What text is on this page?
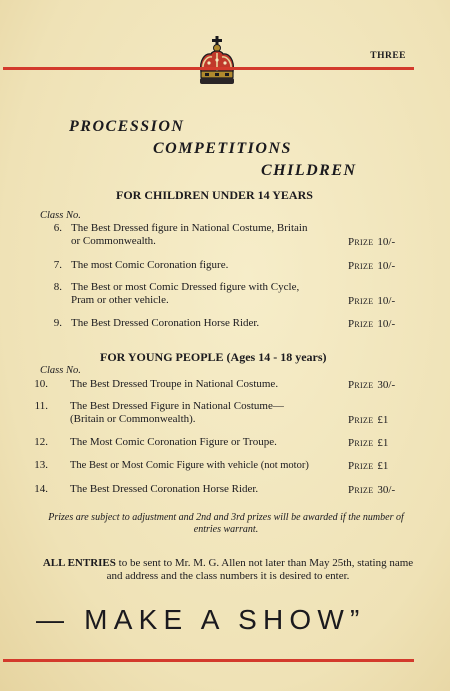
THREE
PROCESSION
COMPETITIONS
CHILDREN
FOR CHILDREN UNDER 14 YEARS
Class No.
6. The Best Dressed figure in National Costume, Britain
or Commonwealth.	Prize 10/-
7. The most Comic Coronation figure.	Prize 10/-
8. The Best or most Comic Dressed figure with Cycle,
Pram or other vehicle.	Prize 10/-
9. The Best Dressed Coronation Horse Rider.	Prize 10/-
FOR YOUNG PEOPLE (Ages 14 - 18 years)
Class No.
10. The Best Dressed Troupe in National Costume.	Prize 30/-
11. The Best Dressed Figure in National Costume—
(Britain or Commonwealth).	Prize £1
12. The Most Comic Coronation Figure or Troupe.	Prize £1
13. The Best or Most Comic Figure with vehicle (not motor)	Prize £1
14. The Best Dressed Coronation Horse Rider.	Prize 30/-
Prizes are subject to adjustment and 2nd and 3rd prizes will be awarded if the number of entries warrant.
ALL ENTRIES to be sent to Mr. M. G. Allen not later than May 25th, stating name and address and the class numbers it is desired to enter.
— MAKE A SHOW”
